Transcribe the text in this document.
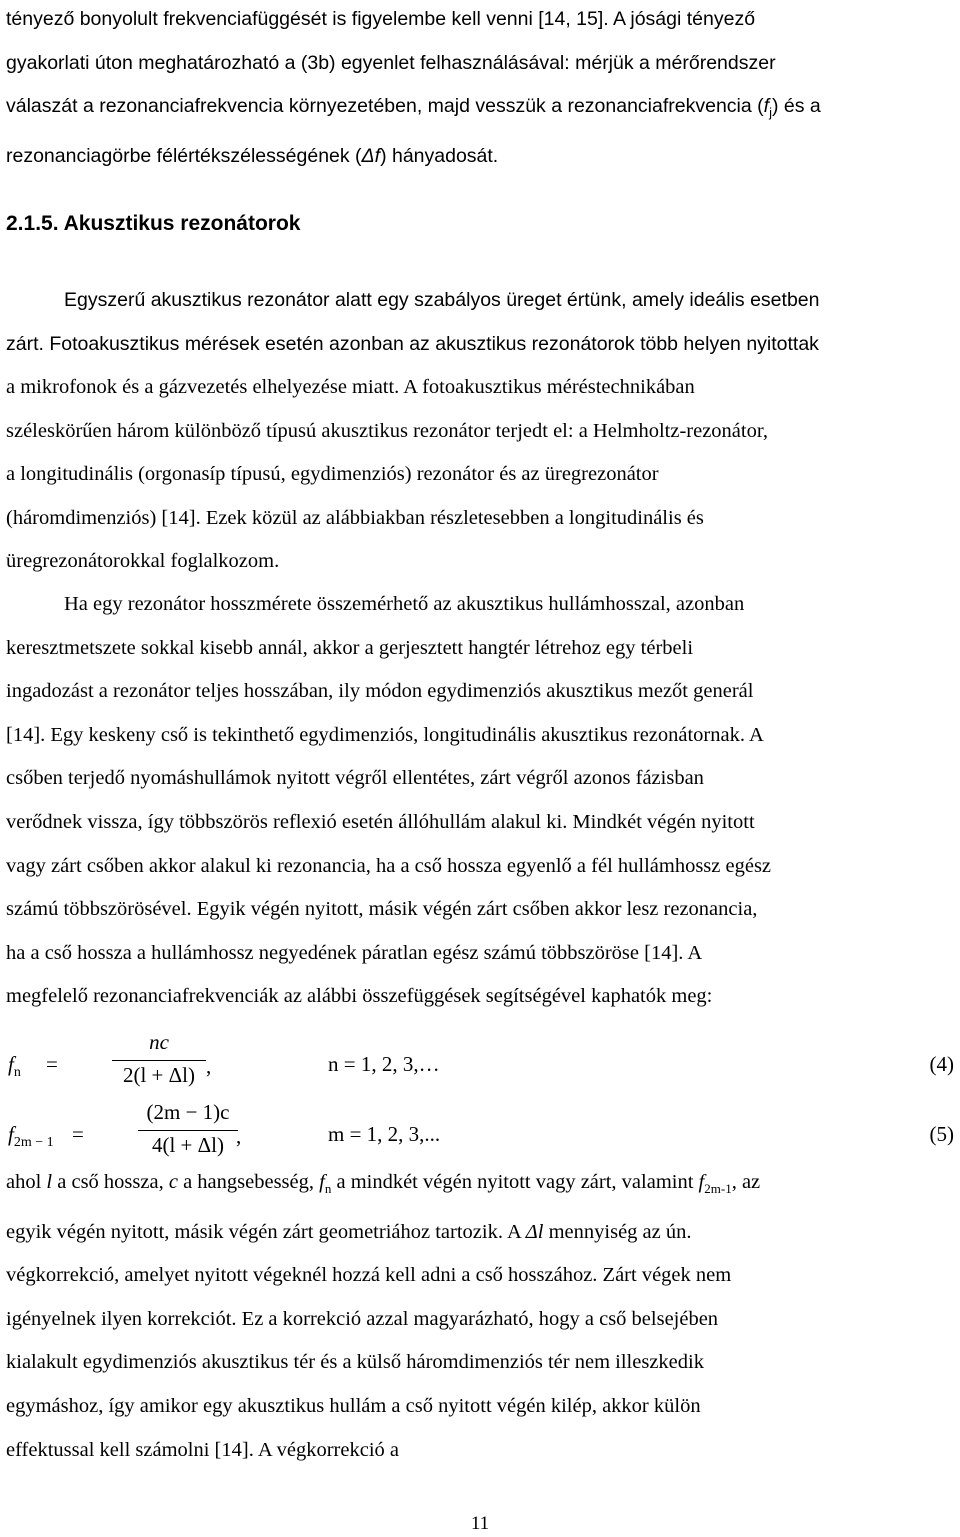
tényező bonyolult frekvenciafüggését is figyelembe kell venni [14, 15]. A jósági tényező
gyakorlati úton meghatározható a (3b) egyenlet felhasználásával: mérjük a mérőrendszer
válaszát a rezonanciafrekvencia környezetében, majd vesszük a rezonanciafrekvencia $(f_j)$ és a
rezonanciagörbe félértékszélességének (Δf) hányadosát.
2.1.5. Akusztikus rezonátorok
Egyszerű akusztikus rezonátor alatt egy szabályos üreget értünk, amely ideális esetben
zárt. Fotoakusztikus mérések esetén azonban az akusztikus rezonátorok több helyen nyitottak
a mikrofonok és a gázvezetés elhelyezése miatt. A fotoakusztikus méréstechnikában
széleskörűen három különböző típusú akusztikus rezonátor terjedt el: a Helmholtz-rezonátor,
a longitudinális (orgonasíp típusú, egydimenziós) rezonátor és az üregrezonátor
(háromdimenziós) [14]. Ezek közül az alábbiakban részletesebben a longitudinális és
üregrezonátorokkal foglalkozom.
Ha egy rezonátor hosszmérete összemérhető az akusztikus hullámhosszal, azonban
keresztmetszete sokkal kisebb annál, akkor a gerjesztett hangtér létrehoz egy térbeli
ingadozást a rezonátor teljes hosszában, ily módon egydimenziós akusztikus mezőt generál
[14]. Egy keskeny cső is tekinthető egydimenziós, longitudinális akusztikus rezonátornak. A
csőben terjedő nyomáshullámok nyitott végről ellentétes, zárt végről azonos fázisban
verődnek vissza, így többszörös reflexió esetén állóhullám alakul ki. Mindkét végén nyitott
vagy zárt csőben akkor alakul ki rezonancia, ha a cső hossza egyenlő a fél hullámhossz egész
számú többszörösével. Egyik végén nyitott, másik végén zárt csőben akkor lesz rezonancia,
ha a cső hossza a hullámhossz negyedének páratlan egész számú többszöröse [14]. A
megfelelő rezonanciafrekvenciák az alábbi összefüggések segítségével kaphatók meg:
$f_n$ =
nc
2(l + Δl) ,	n = 1, 2, 3,…	(4)
$f_{2m - 1}$ =
(2m − 1)c
4(l + Δl) ,	m = 1, 2, 3,...	(5)
ahol l a cső hossza, c a hangsebesség, $f_n$ a mindkét végén nyitott vagy zárt, valamint $f_{2m-1}$, az
egyik végén nyitott, másik végén zárt geometriához tartozik. A Δl mennyiség az ún.
végkorrekció, amelyet nyitott végeknél hozzá kell adni a cső hosszához. Zárt végek nem
igényelnek ilyen korrekciót. Ez a korrekció azzal magyarázható, hogy a cső belsejében
kialakult egydimenziós akusztikus tér és a külső háromdimenziós tér nem illeszkedik
egymáshoz, így amikor egy akusztikus hullám a cső nyitott végén kilép, akkor külön
effektussal kell számolni [14]. A végkorrekció a
11
